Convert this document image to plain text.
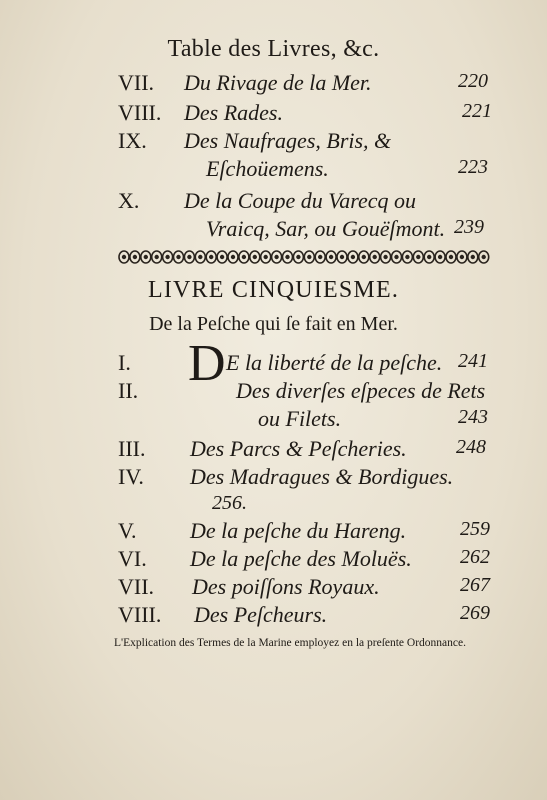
Table des Livres, &c.
VII. Du Rivage de la Mer.	220
VIII. Des Rades.	221
IX. Des Naufrages, Bris, &
Eſchoüemens.	223
X. De la Coupe du Varecq ou
Vraicq, Sar, ou Gouëſmont. 239
LIVRE CINQUIESME.
De la Peſche qui ſe fait en Mer.
I.	E la liberté de la peſche. 241
D
II.	Des diverſes eſpeces de Rets
ou Filets.	243
III. Des Parcs & Peſcheries. 248
IV. Des Madragues & Bordigues.
256.
V. De la peſche du Hareng.	259
VI. De la peſche des Moluës. 262
VII. Des poiſſons Royaux.	267
VIII. Des Peſcheurs.	269
L'Explication des Termes de la Marine employez en la preſente Ordonnance.
